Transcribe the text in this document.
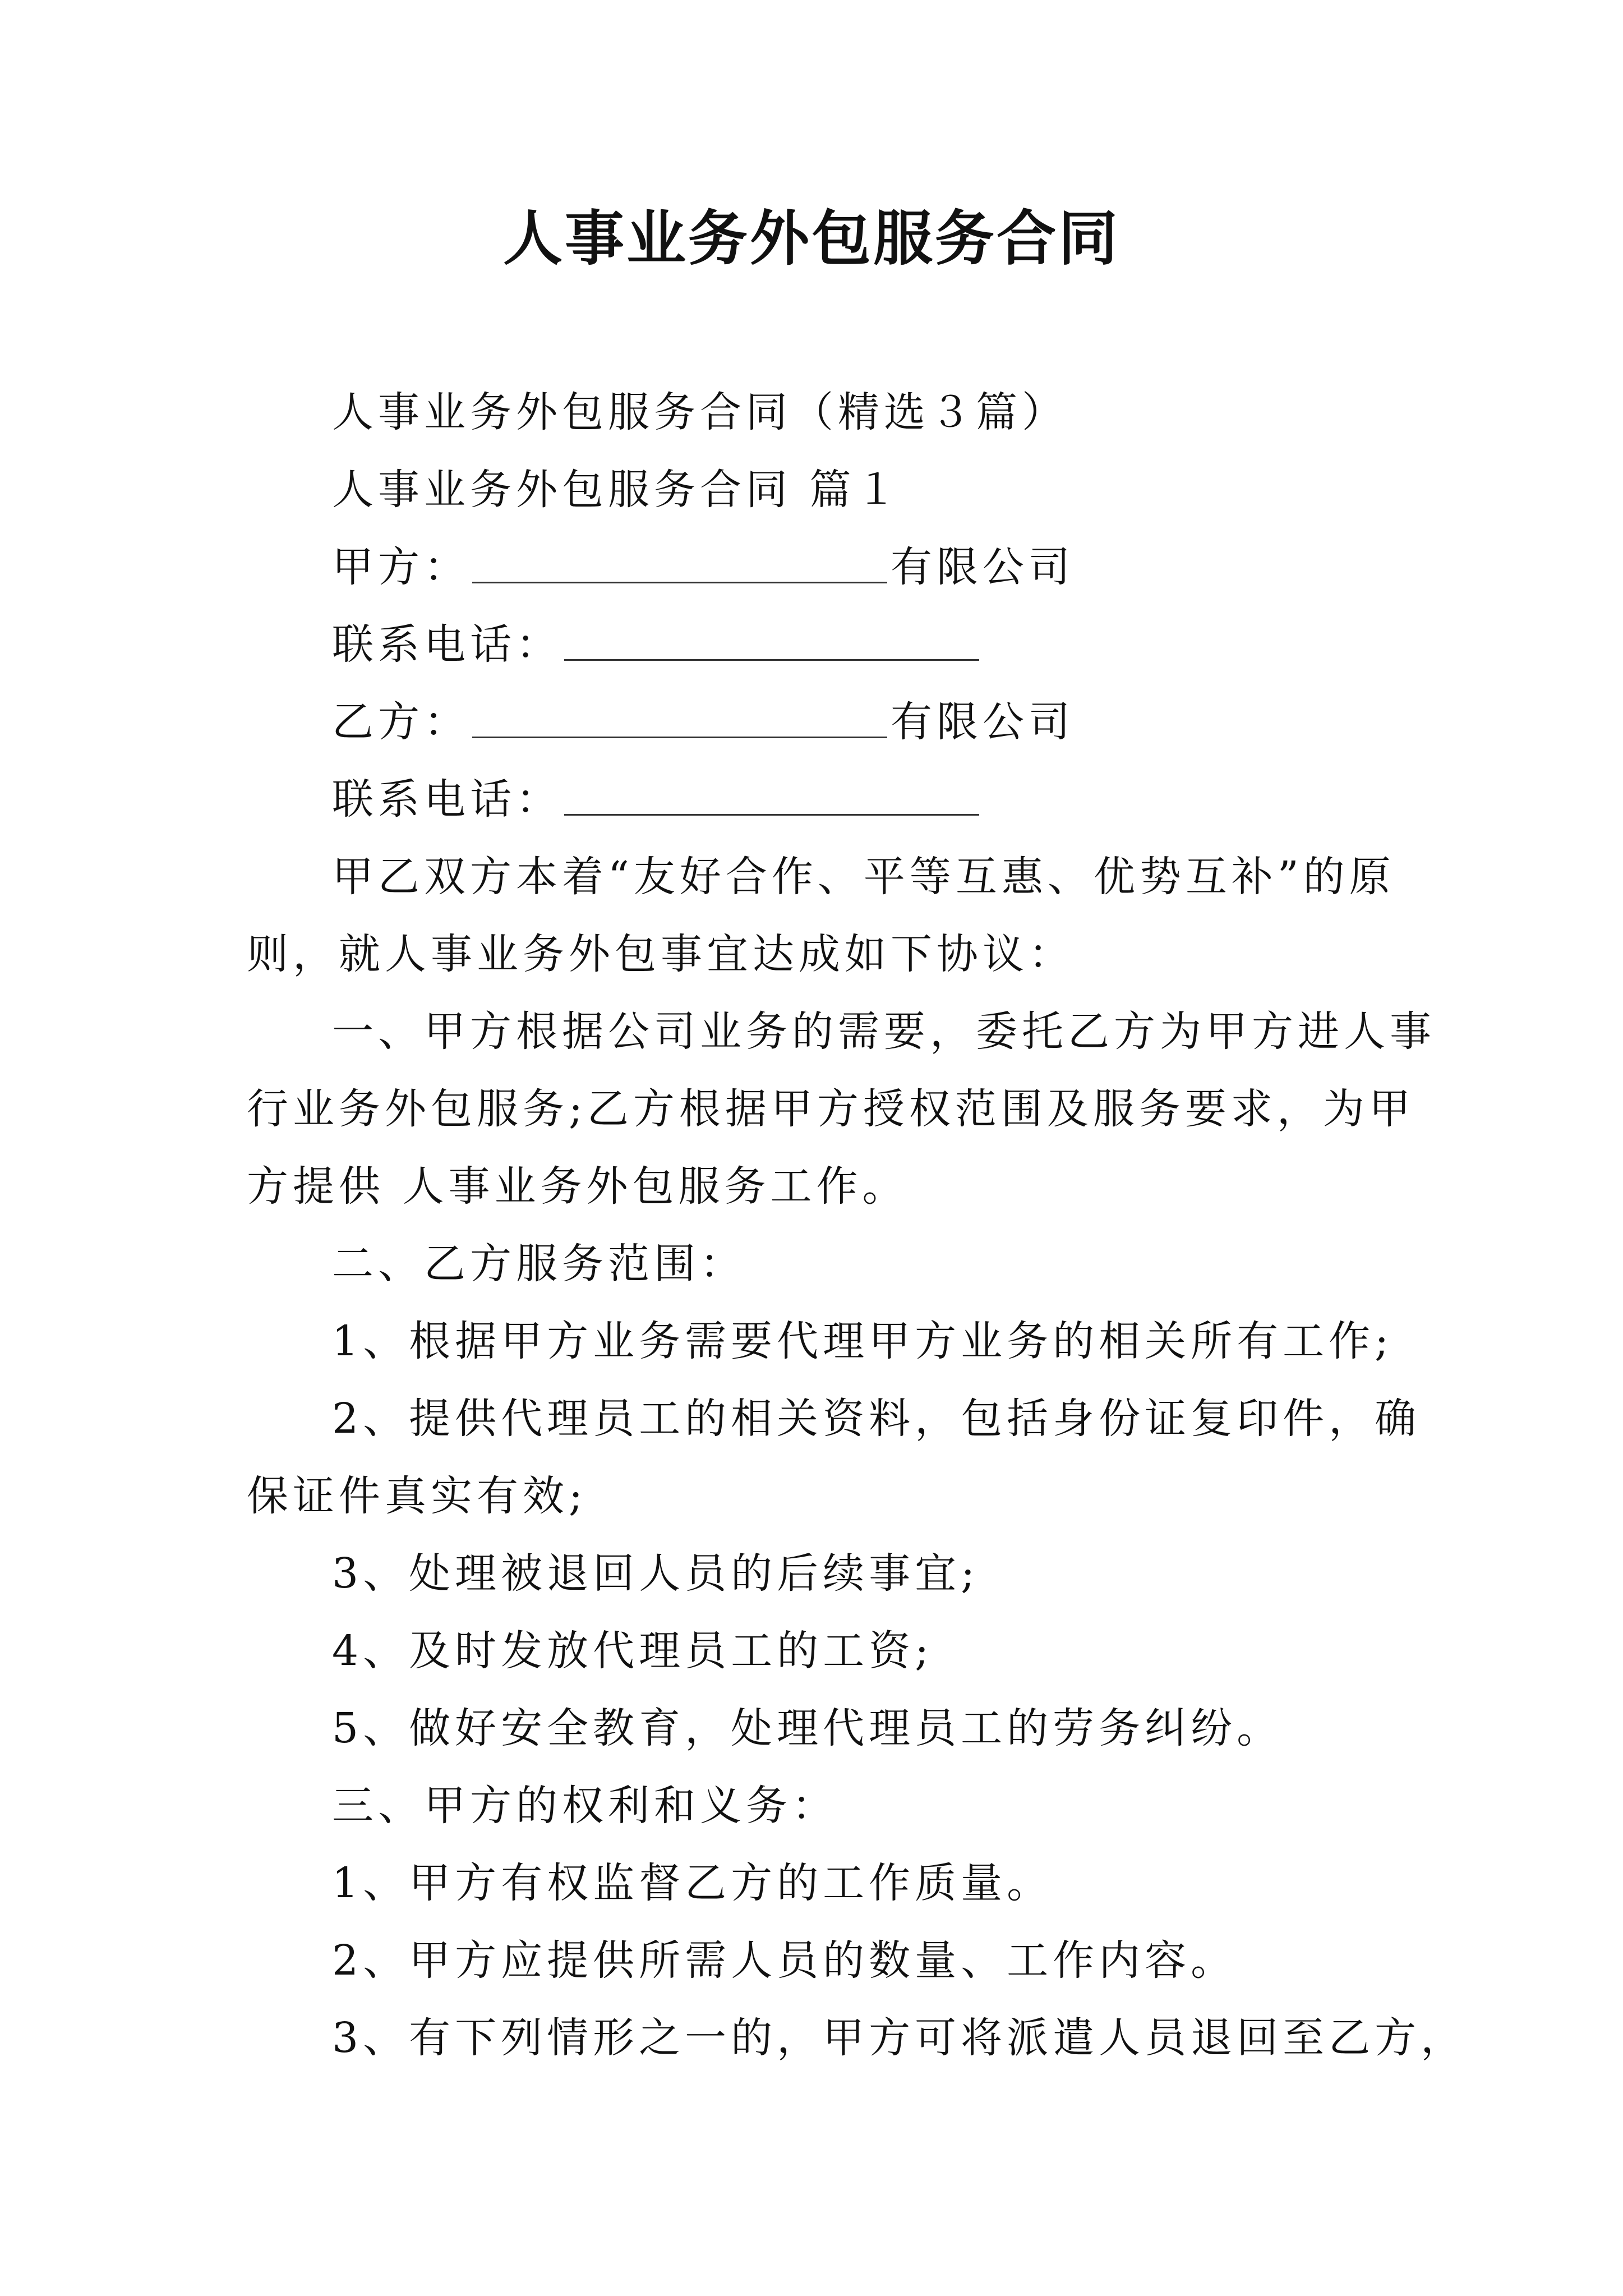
人事业务外包服务合同

人事业务外包服务合同（精选３篇）

人事业务外包服务合同 篇１

甲方：	有限公司

联系电话：

乙方：	有限公司

联系电话：

甲乙双方本着“友好合作、平等互惠、优势互补”的原

则，就人事业务外包事宜达成如下协议：

一、甲方根据公司业务的需要，委托乙方为甲方进人事

行业务外包服务;乙方根据甲方授权范围及服务要求，为甲

方提供 人事业务外包服务工作。

二、乙方服务范围：

1、根据甲方业务需要代理甲方业务的相关所有工作;

2、提供代理员工的相关资料，包括身份证复印件，确

保证件真实有效;

3、处理被退回人员的后续事宜;

4、及时发放代理员工的工资;

5、做好安全教育，处理代理员工的劳务纠纷。

三、甲方的权利和义务：

1、甲方有权监督乙方的工作质量。

2、甲方应提供所需人员的数量、工作内容。

3、有下列情形之一的，甲方可将派遣人员退回至乙方，
